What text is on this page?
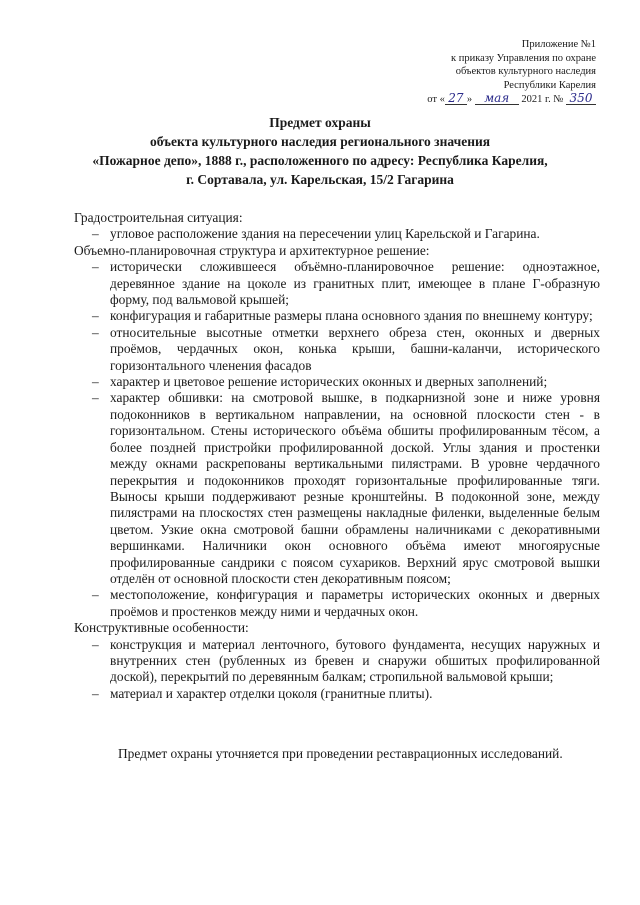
Приложение №1
к приказу Управления по охране
объектов культурного наследия
Республики Карелия
от « 27 » мая 2021 г. № 350
Предмет охраны
объекта культурного наследия регионального значения
«Пожарное депо», 1888 г., расположенного по адресу: Республика Карелия,
г. Сортавала, ул. Карельская, 15/2 Гагарина

Градостроительная ситуация:

– угловое расположение здания на пересечении улиц Карельской и Гагарина.

Объемно-планировочная структура и архитектурное решение:

– исторически сложившееся объёмно-планировочное решение: одноэтажное, деревянное здание на цоколе из гранитных плит, имеющее в плане Г-образную форму, под вальмовой крышей;
– конфигурация и габаритные размеры плана основного здания по внешнему контуру;
– относительные высотные отметки верхнего обреза стен, оконных и дверных проёмов, чердачных окон, конька крыши, башни-каланчи, исторического горизонтального членения фасадов
– характер и цветовое решение исторических оконных и дверных заполнений;
– характер обшивки: на смотровой вышке, в подкарнизной зоне и ниже уровня подоконников в вертикальном направлении, на основной плоскости стен - в горизонтальном. Стены исторического объёма обшиты профилированным тёсом, а более поздней пристройки профилированной доской. Углы здания и простенки между окнами раскрепованы вертикальными пилястрами. В уровне чердачного перекрытия и подоконников проходят горизонтальные профилированные тяги. Выносы крыши поддерживают резные кронштейны. В подоконной зоне, между пилястрами на плоскостях стен размещены накладные филенки, выделенные белым цветом. Узкие окна смотровой башни обрамлены наличниками с декоративными вершинками. Наличники окон основного объёма имеют многоярусные профилированные сандрики с поясом сухариков. Верхний ярус смотровой вышки отделён от основной плоскости стен декоративным поясом;
– местоположение, конфигурация и параметры исторических оконных и дверных проёмов и простенков между ними и чердачных окон.

Конструктивные особенности:

– конструкция и материал ленточного, бутового фундамента, несущих наружных и внутренних стен (рубленных из бревен и снаружи обшитых профилированной доской), перекрытий по деревянным балкам; стропильной вальмовой крыши;
– материал и характер отделки цоколя (гранитные плиты).
Предмет охраны уточняется при проведении реставрационных исследований.
